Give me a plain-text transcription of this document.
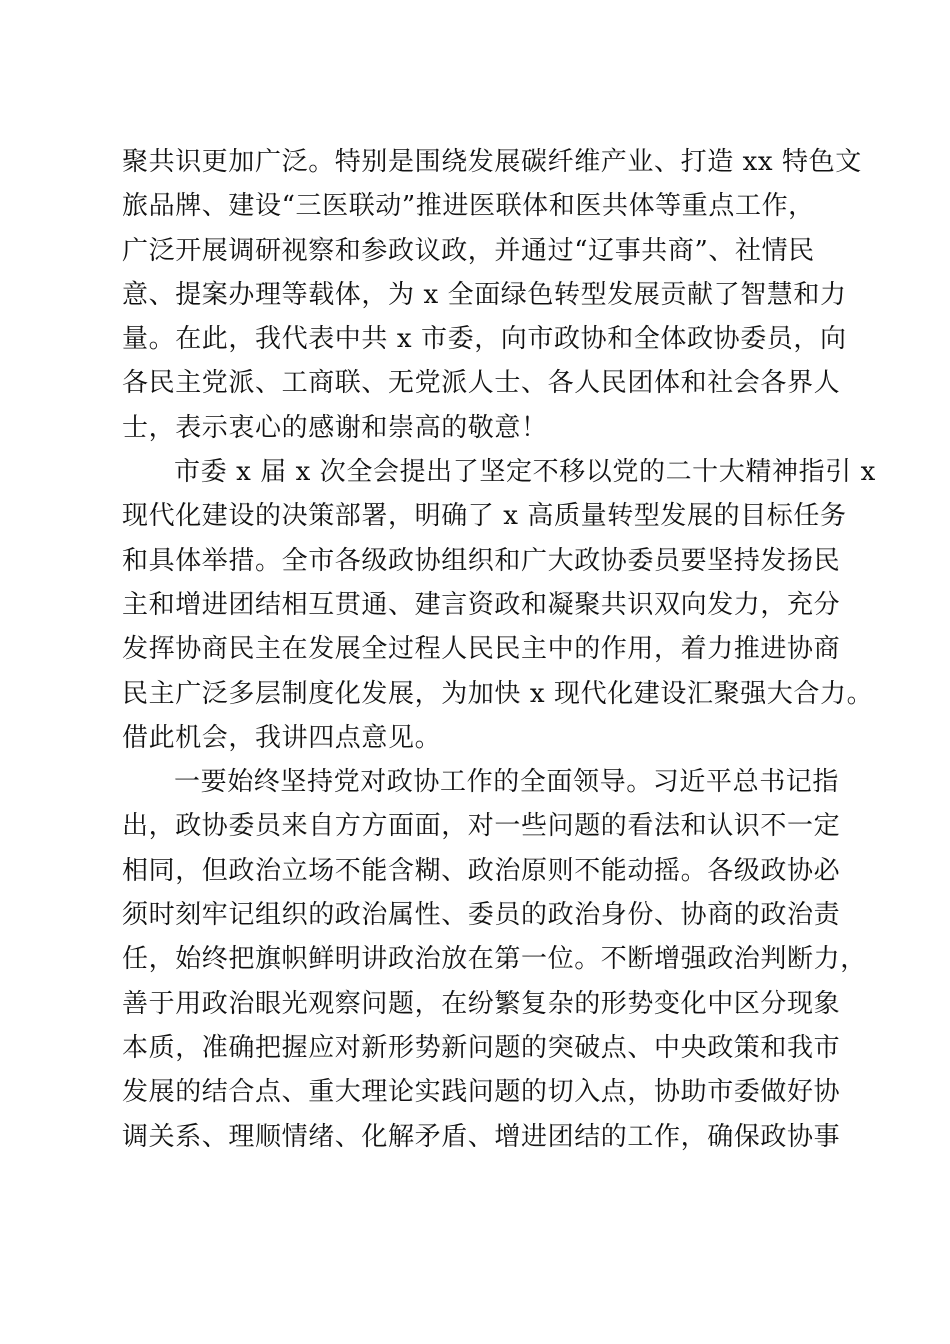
聚共识更加广泛。特别是围绕发展碳纤维产业、打造 xx 特色文
旅品牌、建设“三医联动”推进医联体和医共体等重点工作，
广泛开展调研视察和参政议政，并通过“辽事共商”、社情民
意、提案办理等载体，为 x 全面绿色转型发展贡献了智慧和力
量。在此，我代表中共 x 市委，向市政协和全体政协委员，向
各民主党派、工商联、无党派人士、各人民团体和社会各界人
士，表示衷心的感谢和崇高的敬意！
市委 x 届 x 次全会提出了坚定不移以党的二十大精神指引 x
现代化建设的决策部署，明确了 x 高质量转型发展的目标任务
和具体举措。全市各级政协组织和广大政协委员要坚持发扬民
主和增进团结相互贯通、建言资政和凝聚共识双向发力，充分
发挥协商民主在发展全过程人民民主中的作用，着力推进协商
民主广泛多层制度化发展，为加快 x 现代化建设汇聚强大合力。
借此机会，我讲四点意见。
一要始终坚持党对政协工作的全面领导。习近平总书记指
出，政协委员来自方方面面，对一些问题的看法和认识不一定
相同，但政治立场不能含糊、政治原则不能动摇。各级政协必
须时刻牢记组织的政治属性、委员的政治身份、协商的政治责
任，始终把旗帜鲜明讲政治放在第一位。不断增强政治判断力，
善于用政治眼光观察问题，在纷繁复杂的形势变化中区分现象
本质，准确把握应对新形势新问题的突破点、中央政策和我市
发展的结合点、重大理论实践问题的切入点，协助市委做好协
调关系、理顺情绪、化解矛盾、增进团结的工作，确保政协事
